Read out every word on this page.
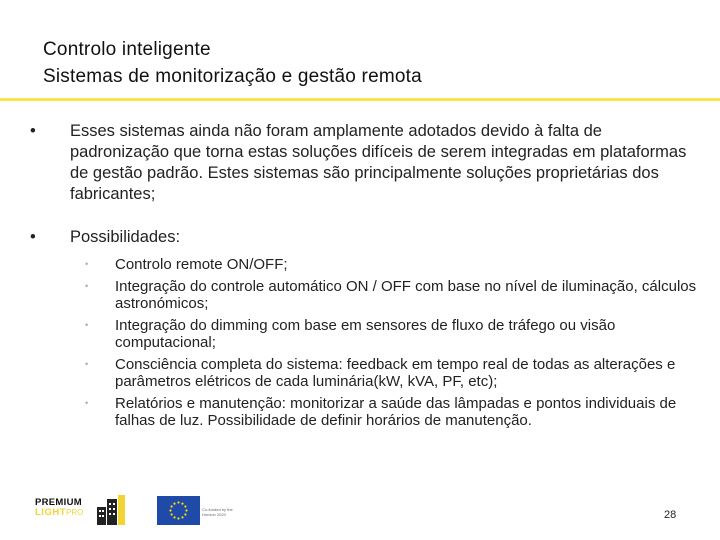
Controlo inteligente
Sistemas de monitorização e gestão remota
•	Esses sistemas ainda não foram amplamente adotados devido à falta de padronização que torna estas soluções difíceis de serem integradas em plataformas de gestão padrão. Estes sistemas são principalmente soluções proprietárias dos fabricantes;
•	Possibilidades:
• Controlo remote ON/OFF;
• Integração do controle automático ON / OFF com base no nível de iluminação, cálculos astronómicos;
• Integração do dimming com base em sensores de fluxo de tráfego ou visão computacional;
• Consciência completa do sistema: feedback em tempo real de todas as alterações e parâmetros elétricos de cada luminária(kW, kVA, PF, etc);
• Relatórios e manutenção: monitorizar a saúde das lâmpadas e pontos individuais de falhas de luz. Possibilidade de definir horários de manutenção.
PREMIUM
LIGHT PRO	Co-funded by the Horizon 2020	28
